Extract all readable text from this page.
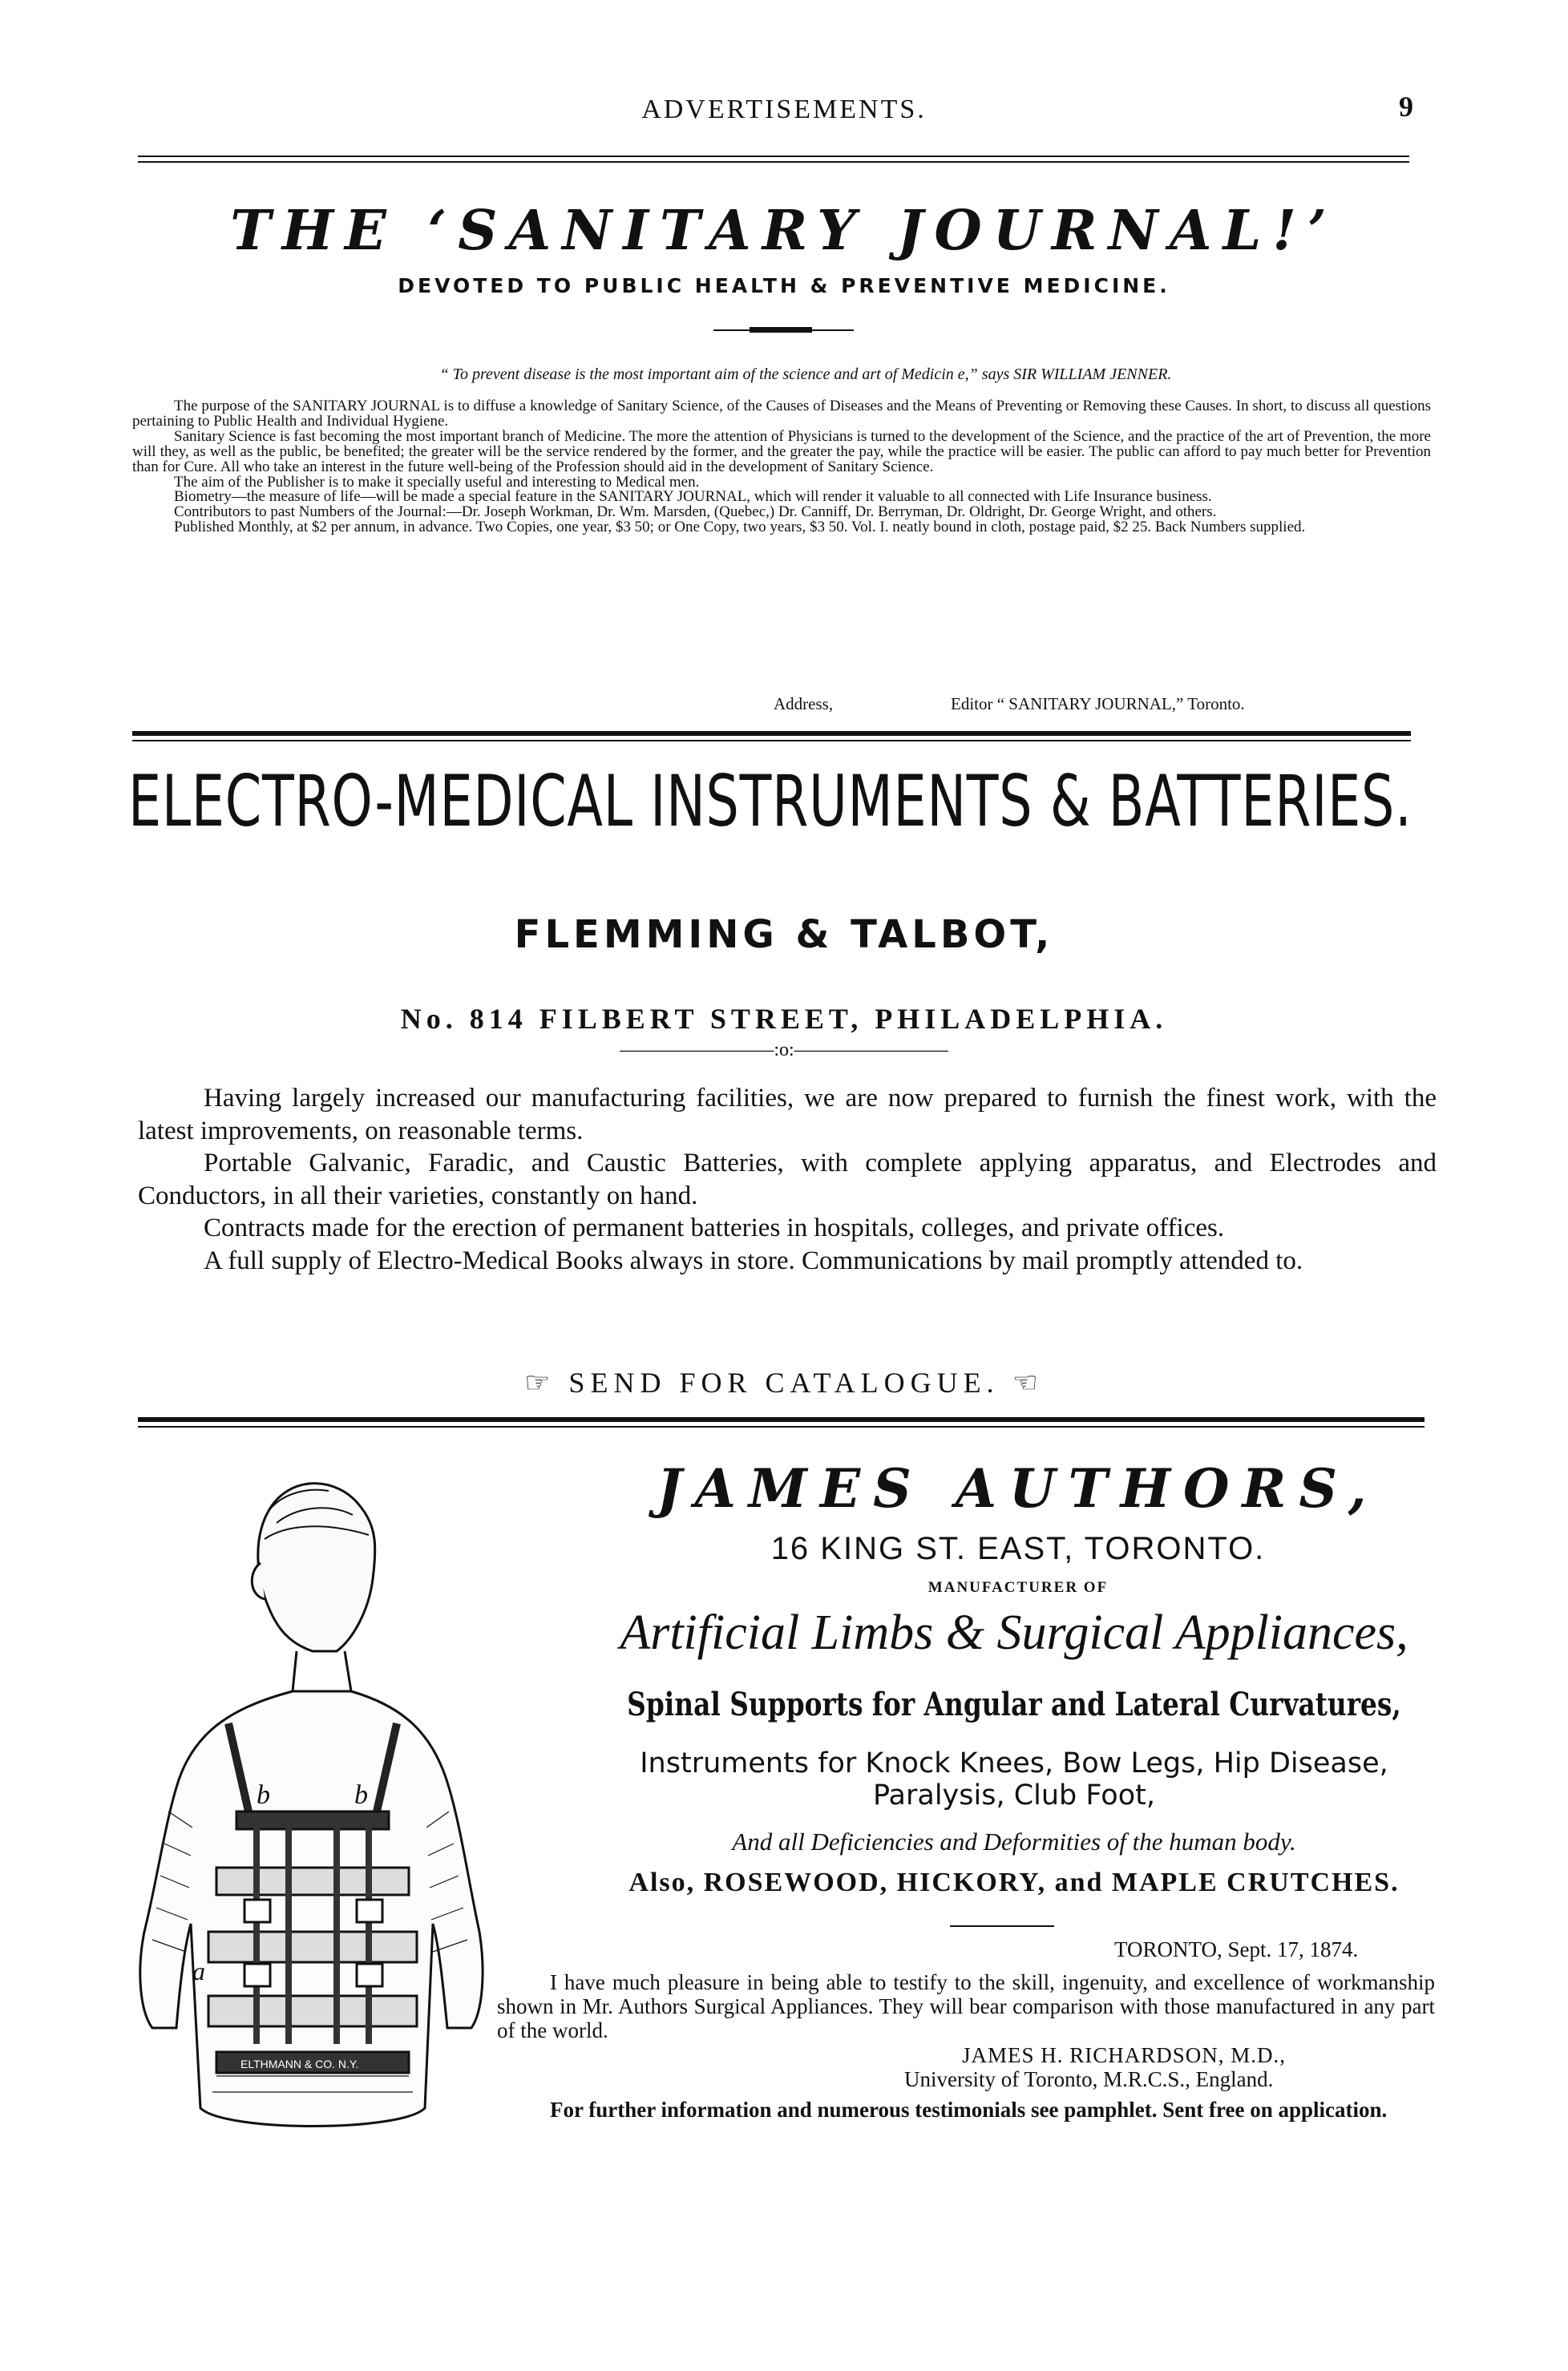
ADVERTISEMENTS.	9
THE ‘SANITARY JOURNAL!’
DEVOTED TO PUBLIC HEALTH & PREVENTIVE MEDICINE.
“ To prevent disease is the most important aim of the science and art of Medicin e,” says SIR WILLIAM JENNER.

The purpose of the SANITARY JOURNAL is to diffuse a knowledge of Sanitary Science, of the Causes of Diseases and the Means of Preventing or Removing these Causes. In short, to discuss all questions pertaining to Public Health and Individual Hygiene.

Sanitary Science is fast becoming the most important branch of Medicine. The more the attention of Physicians is turned to the development of the Science, and the practice of the art of Prevention, the more will they, as well as the public, be benefited; the greater will be the service rendered by the former, and the greater the pay, while the practice will be easier. The public can afford to pay much better for Prevention than for Cure. All who take an interest in the future well-being of the Profession should aid in the development of Sanitary Science.

The aim of the Publisher is to make it specially useful and interesting to Medical men.

Biometry—the measure of life—will be made a special feature in the SANITARY JOURNAL, which will render it valuable to all connected with Life Insurance business.

Contributors to past Numbers of the Journal:—Dr. Joseph Workman, Dr. Wm. Marsden, (Quebec,) Dr. Canniff, Dr. Berryman, Dr. Oldright, Dr. George Wright, and others.

Published Monthly, at $2 per annum, in advance. Two Copies, one year, $3 50; or One Copy, two years, $3 50. Vol. I. neatly bound in cloth, postage paid, $2 25. Back Numbers supplied.

Address,	Editor “ SANITARY JOURNAL,” Toronto.
ELECTRO-MEDICAL INSTRUMENTS & BATTERIES.
FLEMMING & TALBOT,
No. 814 FILBERT STREET, PHILADELPHIA.
————————:o:————————

Having largely increased our manufacturing facilities, we are now prepared to furnish the finest work, with the latest improvements, on reasonable terms.

Portable Galvanic, Faradic, and Caustic Batteries, with complete applying apparatus, and Electrodes and Conductors, in all their varieties, constantly on hand.

Contracts made for the erection of permanent batteries in hospitals, colleges, and private offices.

A full supply of Electro-Medical Books always in store. Communications by mail promptly attended to.

☞ SEND FOR CATALOGUE. ☜
b	b
a
ELTHMANN & CO. N.Y.
JAMES AUTHORS,
16 KING ST. EAST, TORONTO.
MANUFACTURER OF
Artificial Limbs & Surgical Appliances,
Spinal Supports for Angular and Lateral Curvatures,
Instruments for Knock Knees, Bow Legs, Hip Disease,
Paralysis, Club Foot,
And all Deficiencies and Deformities of the human body.
Also, ROSEWOOD, HICKORY, and MAPLE CRUTCHES.
TORONTO, Sept. 17, 1874.

I have much pleasure in being able to testify to the skill, ingenuity, and excellence of workmanship shown in Mr. Authors Surgical Appliances. They will bear comparison with those manufactured in any part of the world.

JAMES H. RICHARDSON, M.D.,
University of Toronto, M.R.C.S., England.

For further information and numerous testimonials see pamphlet. Sent free on application.
